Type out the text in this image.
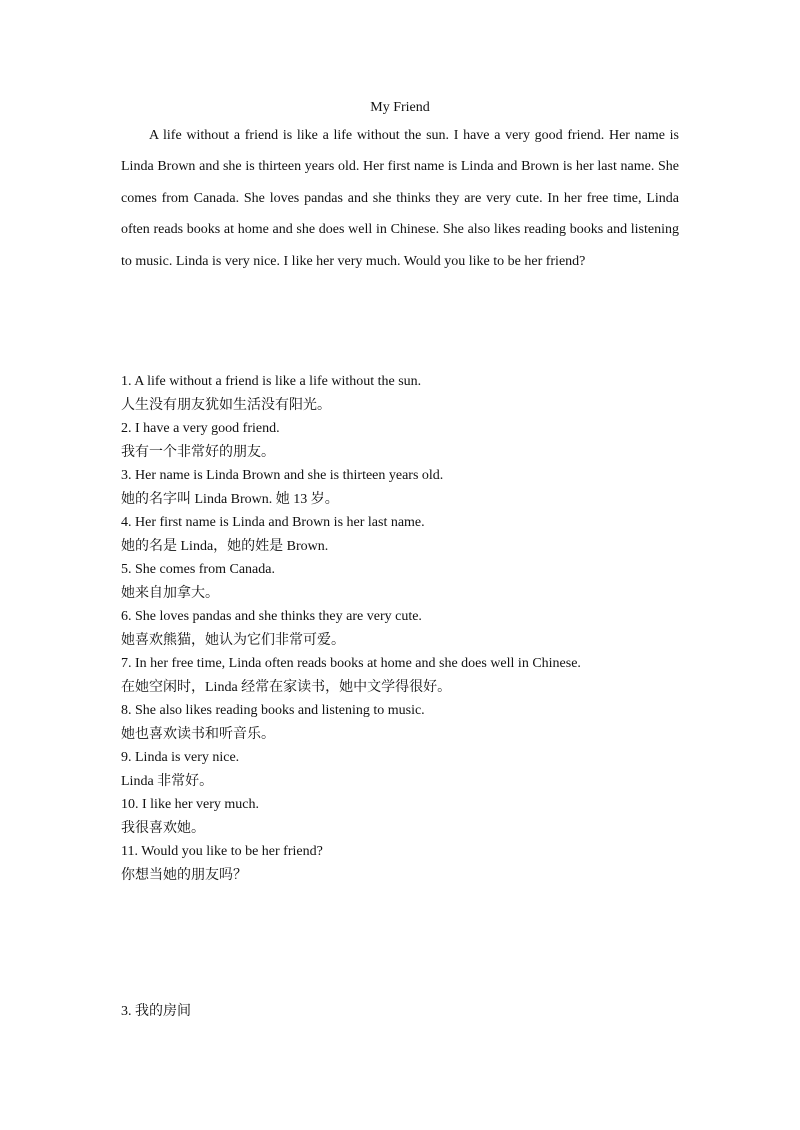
My Friend

A life without a friend is like a life without the sun. I have a very good friend. Her name is Linda Brown and she is thirteen years old. Her first name is Linda and Brown is her last name. She comes from Canada. She loves pandas and she thinks they are very cute. In her free time, Linda often reads books at home and she does well in Chinese. She also likes reading books and listening to music. Linda is very nice. I like her very much. Would you like to be her friend?

1. A life without a friend is like a life without the sun.
人生没有朋友犹如生活没有阳光。
2. I have a very good friend.
我有一个非常好的朋友。
3. Her name is Linda Brown and she is thirteen years old.
她的名字叫 Linda Brown. 她 13 岁。
4. Her first name is Linda and Brown is her last name.
她的名是 Linda，她的姓是 Brown.
5. She comes from Canada.
她来自加拿大。
6. She loves pandas and she thinks they are very cute.
她喜欢熊猫，她认为它们非常可爱。
7. In her free time, Linda often reads books at home and she does well in Chinese.
在她空闲时，Linda 经常在家读书，她中文学得很好。
8. She also likes reading books and listening to music.
她也喜欢读书和听音乐。
9. Linda is very nice.
Linda 非常好。
10. I like her very much.
我很喜欢她。
11. Would you like to be her friend?
你想当她的朋友吗？
3. 我的房间
